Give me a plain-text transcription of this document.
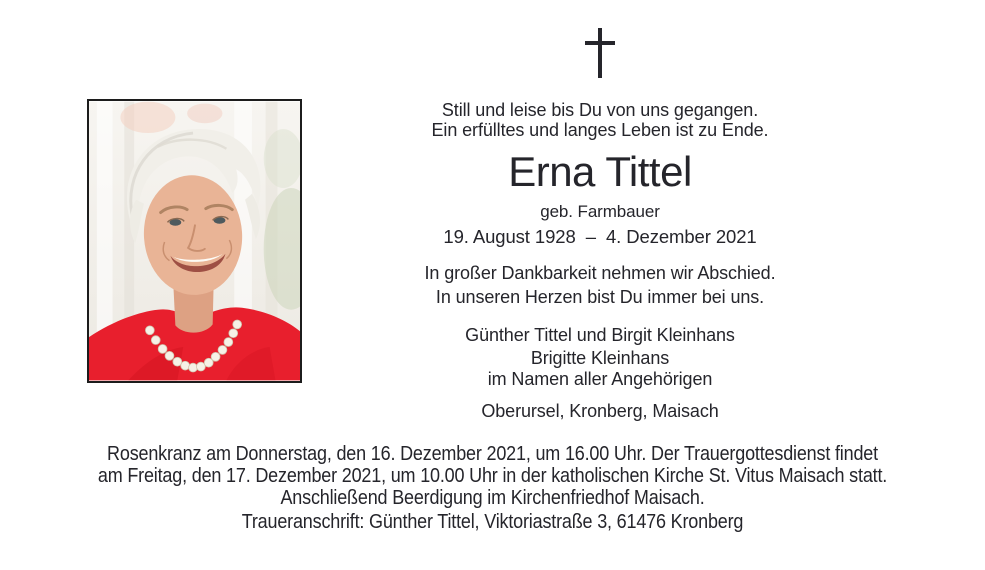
Still und leise bis Du von uns gegangen.
Ein erfülltes und langes Leben ist zu Ende.
Erna Tittel
geb. Farmbauer
19. August 1928  –  4. Dezember 2021
In großer Dankbarkeit nehmen wir Abschied.
In unseren Herzen bist Du immer bei uns.
Günther Tittel und Birgit Kleinhans
Brigitte Kleinhans
im Namen aller Angehörigen
Oberursel, Kronberg, Maisach
Rosenkranz am Donnerstag, den 16. Dezember 2021, um 16.00 Uhr. Der Trauergottesdienst findet
am Freitag, den 17. Dezember 2021, um 10.00 Uhr in der katholischen Kirche St. Vitus Maisach statt.
Anschließend Beerdigung im Kirchenfriedhof Maisach.
Traueranschrift: Günther Tittel, Viktoriastraße 3, 61476 Kronberg
